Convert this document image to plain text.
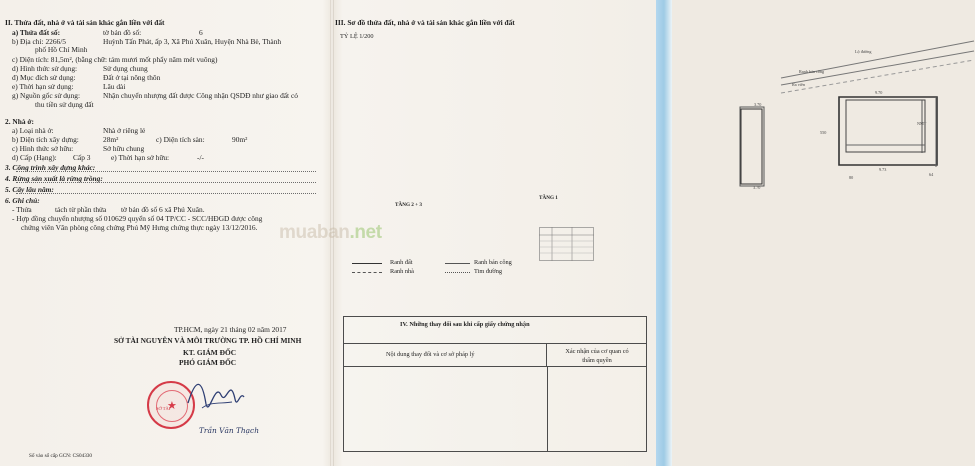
II. Thửa đất, nhà ở và tài sản khác gắn liền với đất
a) Thửa đất số:	tờ bản đồ số:	6
b) Địa chỉ: 2266/5	Huỳnh Tấn Phát, ấp 3, Xã Phú Xuân, Huyện Nhà Bè, Thành
phố Hồ Chí Minh
c) Diện tích: 81,5m², (bằng chữ: tám mươi mốt phẩy năm mét vuông)
d) Hình thức sử dụng:	Sử dụng chung
đ) Mục đích sử dụng:	Đất ở tại nông thôn
e) Thời hạn sử dụng:	Lâu dài
g) Nguồn gốc sử dụng:	Nhận chuyển nhượng đất được Công nhận QSDĐ như giao đất có
thu tiền sử dụng đất
2. Nhà ở:
a) Loại nhà ở:	Nhà ở riêng lẻ
b) Diện tích xây dựng:	28m²	c) Diện tích sàn:	90m²
c) Hình thức sở hữu:	Sở hữu chung
d) Cấp (Hạng): Cấp 3	e) Thời hạn sở hữu:	-/-
3. Công trình xây dựng khác:
4. Rừng sản xuất là rừng trồng:
5. Cây lâu năm:
6. Ghi chú:
- Thửa	tách từ phần thửa tờ bản đồ số 6 xã Phú Xuân.
- Hợp đồng chuyển nhượng số 010629 quyển số 04 TP/CC - SCC/HĐGD được công
chứng viên Văn phòng công chứng Phú Mỹ Hưng chứng thực ngày 13/12/2016.
TP.HCM, ngày 21 tháng 02 năm 2017
SỞ TÀI NGUYÊN VÀ MÔI TRƯỜNG TP. HỒ CHÍ MINH
KT. GIÁM ĐỐC
PHÓ GIÁM ĐỐC
★
SỞ TÀI
Trần Văn Thạch
Số vào sổ cấp GCN: CS04330
III. Sơ đồ thửa đất, nhà ở và tài sản khác gắn liền với đất
TỶ LỆ 1/200
Lộ đường
Ranh bán công
Ra viền
3.70
9.70
550
3.70
9.73
64
80
NMT
TẦNG 2 + 3
TẦNG 1
Ranh đất
Ranh nhà
Ranh bán công
Tim đường
IV. Những thay đổi sau khi cấp giấy chứng nhận
Nội dung thay đổi và cơ sở pháp lý	Xác nhận của cơ quan có thẩm quyền
muaban.net
